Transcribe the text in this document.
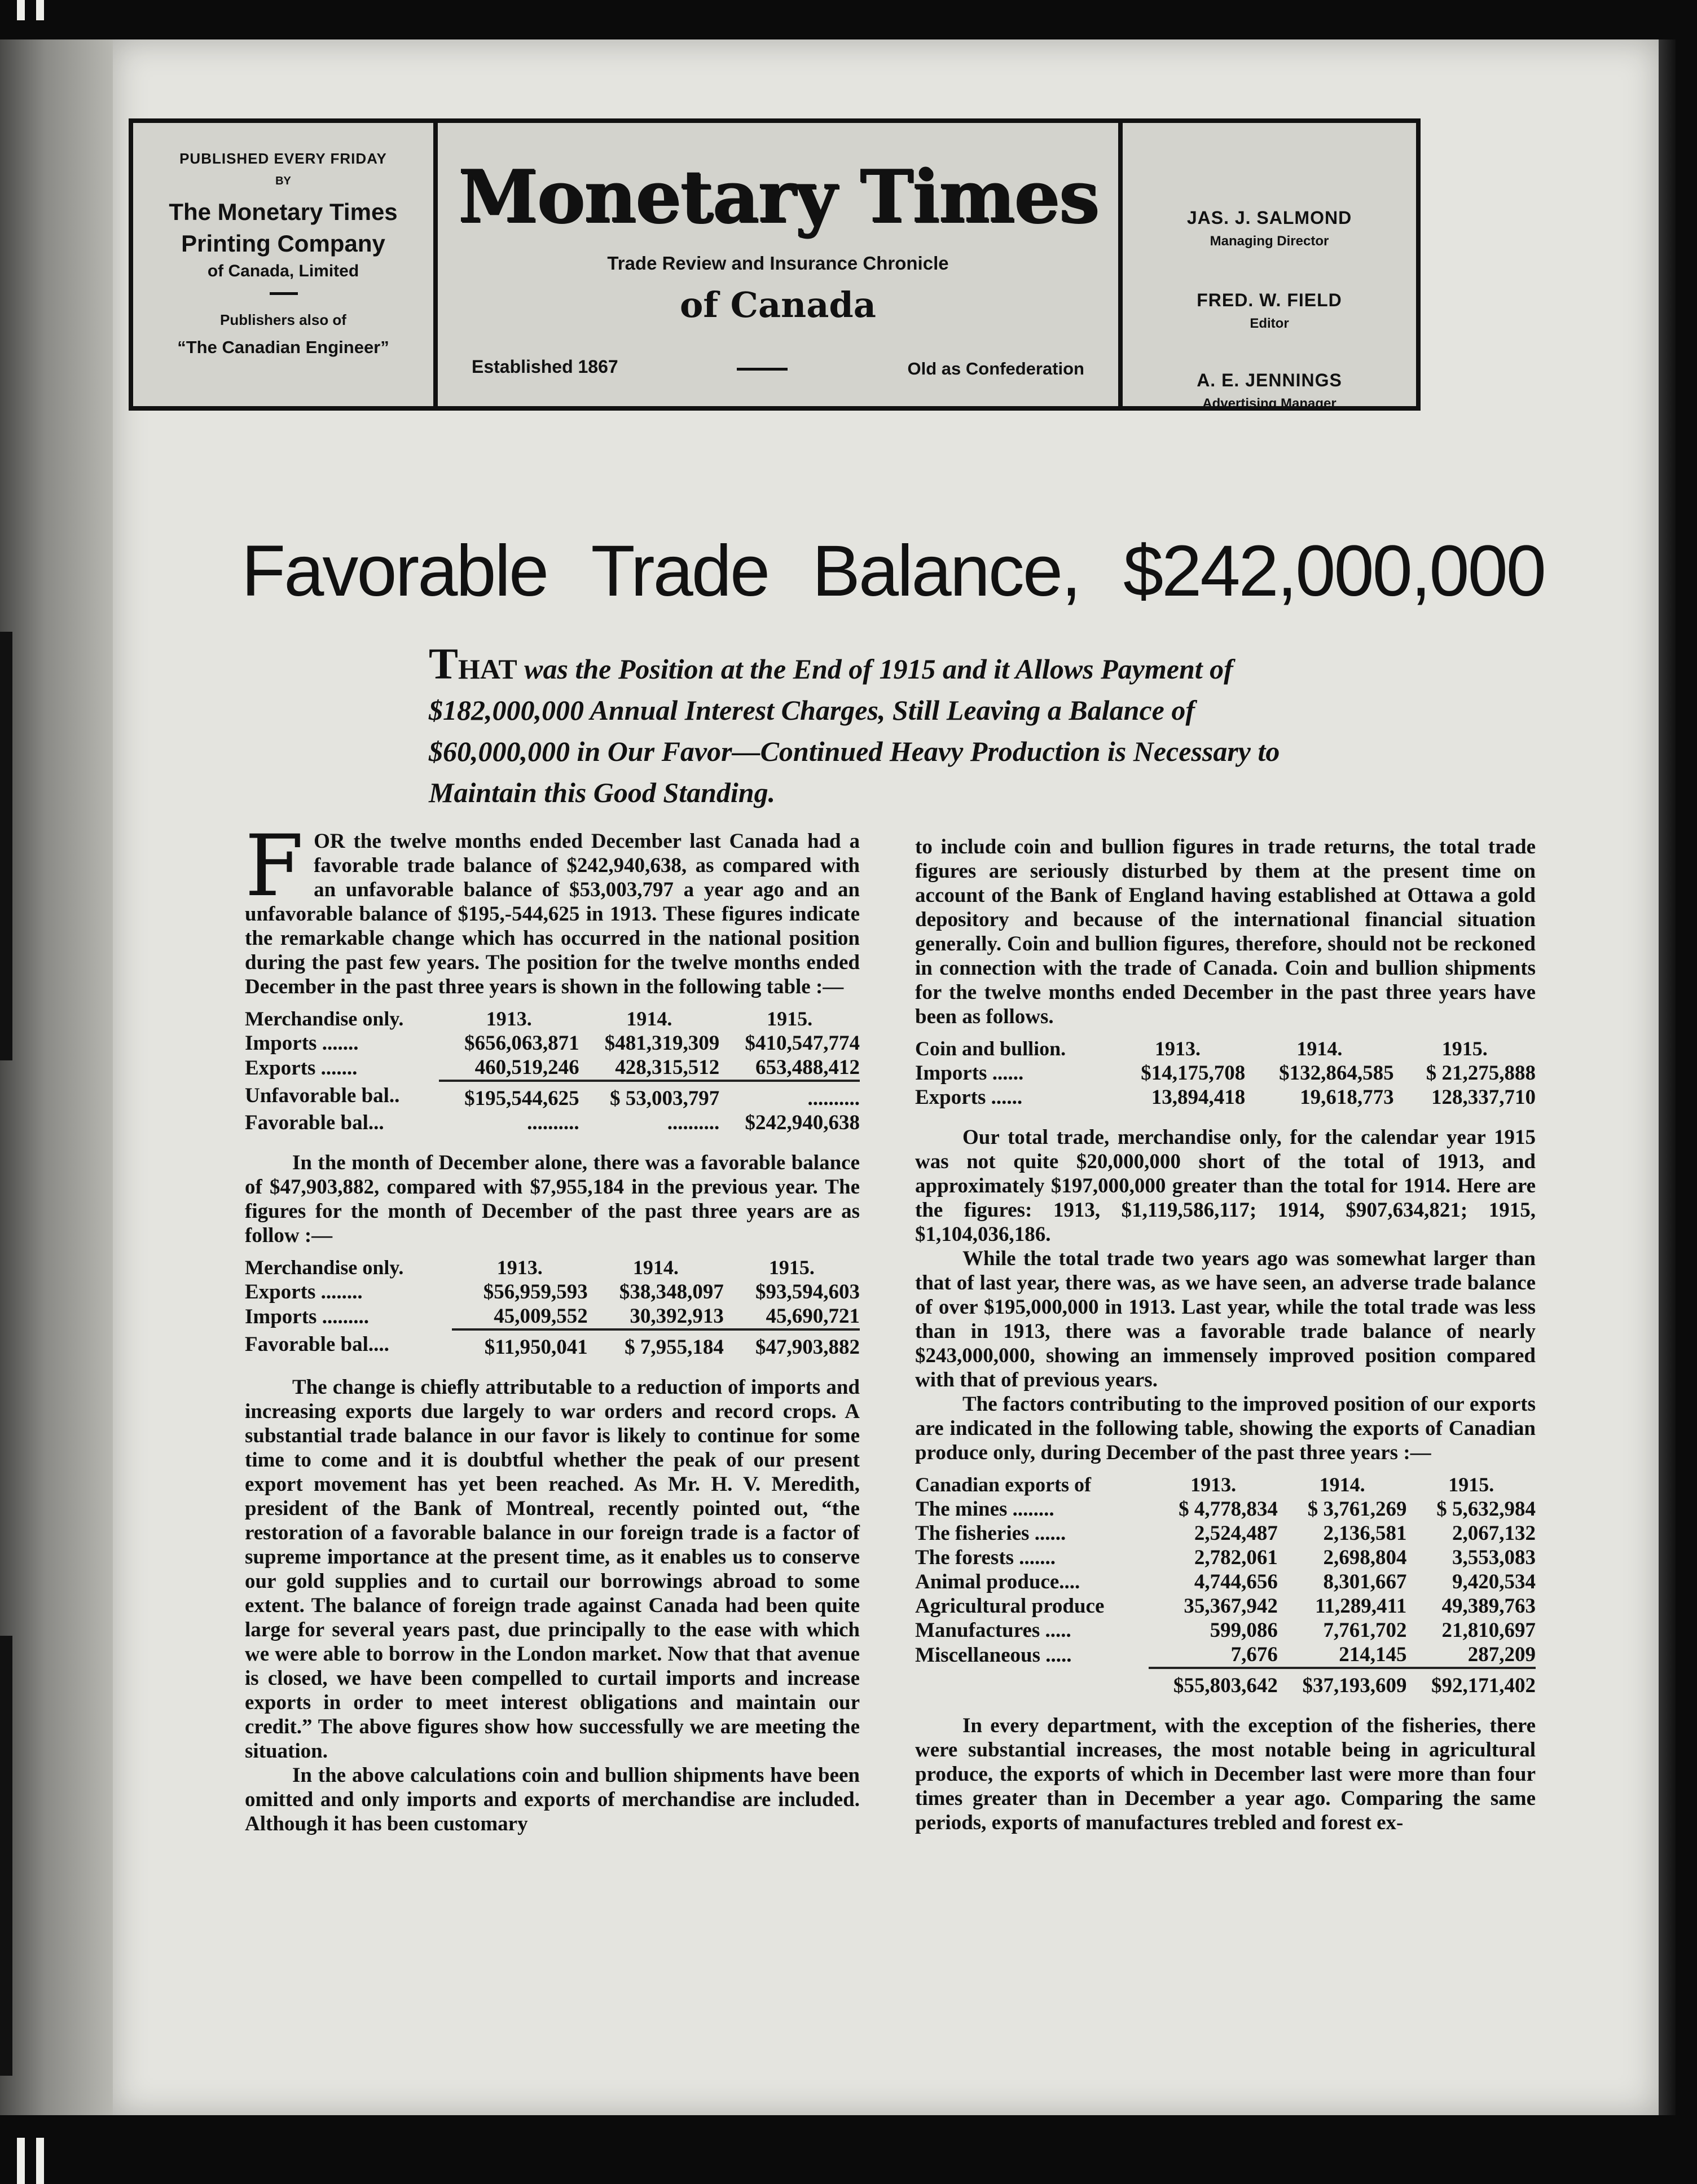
PUBLISHED EVERY FRIDAY
BY
The Monetary Times Printing Company
of Canada, Limited
Publishers also of
“The Canadian Engineer”
Monetary Times
Trade Review and Insurance Chronicle
of Canada
Established 1867	Old as Confederation
JAS. J. SALMOND
Managing Director
FRED. W. FIELD
Editor
A. E. JENNINGS
Advertising Manager
Favorable Trade Balance, $242,000,000
THAT was the Position at the End of 1915 and it Allows Payment of $182,000,000 Annual Interest Charges, Still Leaving a Balance of $60,000,000 in Our Favor—Continued Heavy Production is Necessary to Maintain this Good Standing.

FOR the twelve months ended December last Canada had a favorable trade balance of $242,940,638, as compared with an unfavorable balance of $53,003,797 a year ago and an unfavorable balance of $195,-544,625 in 1913. These figures indicate the remarkable change which has occurred in the national position during the past few years. The position for the twelve months ended December in the past three years is shown in the following table :—

Merchandise only.	1913.	1914.	1915.
Imports .......	$656,063,871	$481,319,309	$410,547,774
Exports .......	460,519,246	428,315,512	653,488,412
Unfavorable bal..	$195,544,625	$ 53,003,797	..........
Favorable bal...	..........	..........	$242,940,638

In the month of December alone, there was a favorable balance of $47,903,882, compared with $7,955,184 in the previous year. The figures for the month of December of the past three years are as follow :—

Merchandise only.	1913.	1914.	1915.
Exports ........	$56,959,593	$38,348,097	$93,594,603
Imports .........	45,009,552	30,392,913	45,690,721
Favorable bal....	$11,950,041	$ 7,955,184	$47,903,882

The change is chiefly attributable to a reduction of imports and increasing exports due largely to war orders and record crops. A substantial trade balance in our favor is likely to continue for some time to come and it is doubtful whether the peak of our present export movement has yet been reached. As Mr. H. V. Meredith, president of the Bank of Montreal, recently pointed out, “the restoration of a favorable balance in our foreign trade is a factor of supreme importance at the present time, as it enables us to conserve our gold supplies and to curtail our borrowings abroad to some extent. The balance of foreign trade against Canada had been quite large for several years past, due principally to the ease with which we were able to borrow in the London market. Now that that avenue is closed, we have been compelled to curtail imports and increase exports in order to meet interest obligations and maintain our credit.” The above figures show how successfully we are meeting the situation.

In the above calculations coin and bullion shipments have been omitted and only imports and exports of merchandise are included. Although it has been customary

to include coin and bullion figures in trade returns, the total trade figures are seriously disturbed by them at the present time on account of the Bank of England having established at Ottawa a gold depository and because of the international financial situation generally. Coin and bullion figures, therefore, should not be reckoned in connection with the trade of Canada. Coin and bullion shipments for the twelve months ended December in the past three years have been as follows.

Coin and bullion.	1913.	1914.	1915.
Imports ......	$14,175,708	$132,864,585	$ 21,275,888
Exports ......	13,894,418	19,618,773	128,337,710

Our total trade, merchandise only, for the calendar year 1915 was not quite $20,000,000 short of the total of 1913, and approximately $197,000,000 greater than the total for 1914. Here are the figures: 1913, $1,119,586,117; 1914, $907,634,821; 1915, $1,104,036,186.

While the total trade two years ago was somewhat larger than that of last year, there was, as we have seen, an adverse trade balance of over $195,000,000 in 1913. Last year, while the total trade was less than in 1913, there was a favorable trade balance of nearly $243,000,000, showing an immensely improved position compared with that of previous years.

The factors contributing to the improved position of our exports are indicated in the following table, showing the exports of Canadian produce only, during December of the past three years :—

Canadian exports of	1913.	1914.	1915.
The mines ........	$ 4,778,834	$ 3,761,269	$ 5,632,984
The fisheries ......	2,524,487	2,136,581	2,067,132
The forests .......	2,782,061	2,698,804	3,553,083
Animal produce....	4,744,656	8,301,667	9,420,534
Agricultural produce	35,367,942	11,289,411	49,389,763
Manufactures .....	599,086	7,761,702	21,810,697
Miscellaneous .....	7,676	214,145	287,209
	$55,803,642	$37,193,609	$92,171,402

In every department, with the exception of the fisheries, there were substantial increases, the most notable being in agricultural produce, the exports of which in December last were more than four times greater than in December a year ago. Comparing the same periods, exports of manufactures trebled and forest ex-
